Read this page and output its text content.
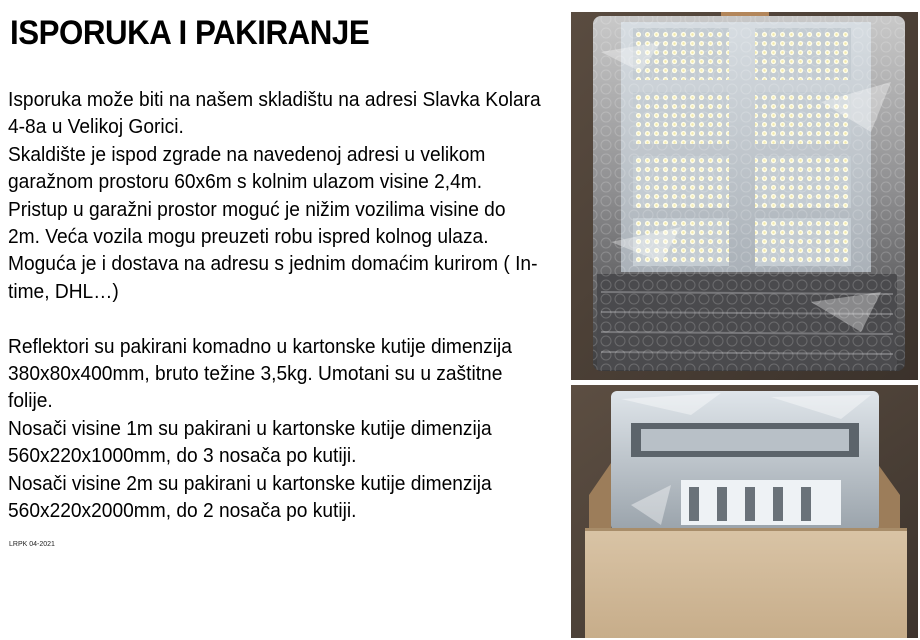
ISPORUKA I PAKIRANJE
Isporuka može biti na našem skladištu na adresi Slavka Kolara
4-8a u Velikoj Gorici.
Skaldište je ispod zgrade na navedenoj adresi u velikom
garažnom prostoru 60x6m s kolnim ulazom visine 2,4m.
Pristup u garažni prostor moguć je nižim vozilima visine do
2m. Veća vozila mogu preuzeti robu ispred kolnog ulaza.
Moguća je i dostava na adresu s jednim domaćim kurirom ( In-
time, DHL…)
Reflektori su pakirani komadno u kartonske kutije dimenzija
380x80x400mm, bruto težine 3,5kg. Umotani su u zaštitne
folije.
Nosači visine 1m su pakirani u kartonske kutije dimenzija
560x220x1000mm, do 3 nosača po kutiji.
Nosači visine 2m su pakirani u kartonske kutije dimenzija
560x220x2000mm, do 2 nosača po kutiji.
LRPK 04-2021
